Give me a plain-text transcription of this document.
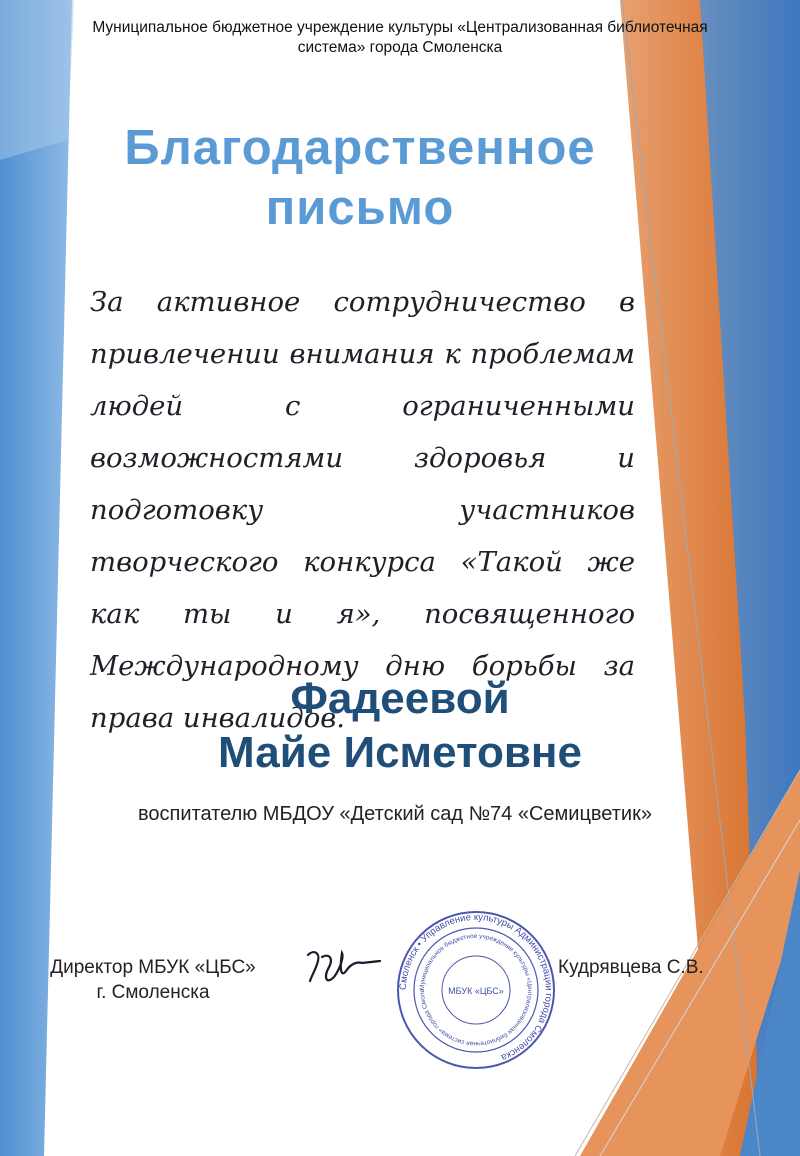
Муниципальное бюджетное учреждение культуры «Централизованная библиотечная
система» города Смоленска
Благодарственное
письмо
За активное сотрудничество в привлечении внимания к проблемам людей с ограниченными возможностями здоровья и подготовку участников творческого конкурса «Такой же как ты и я», посвященного Международному дню борьбы за права инвалидов.
Фадеевой
Майе Исметовне
воспитателю МБДОУ «Детский сад №74 «Семицветик»
Директор МБУК «ЦБС»
г. Смоленска	Смоленск • Управление культуры Администрации города Смоленска
Муниципальное бюджетное учреждение культуры «Централизованная библиотечная система» города Смоле	МБУК «ЦБС»
Кудрявцева С.В.
